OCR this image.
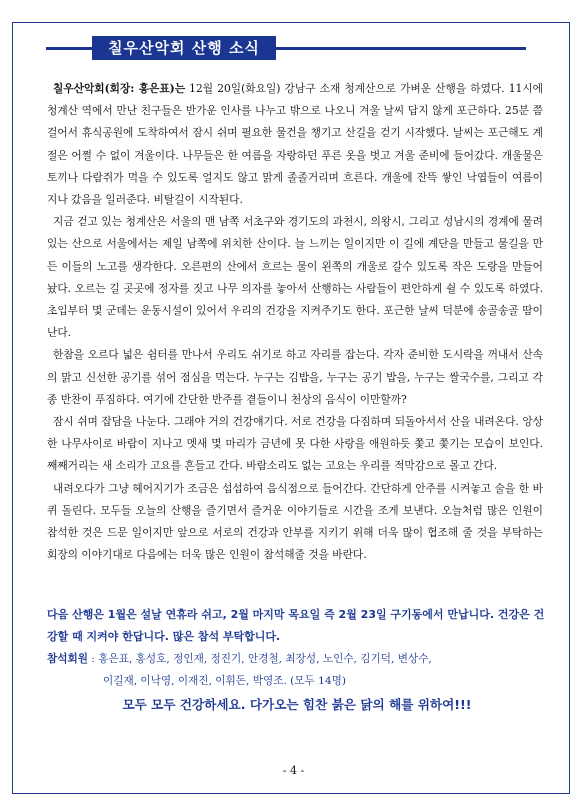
칠우산악회 산행 소식

칠우산악회(회장: 홍은표)는 12월 20일(화요일) 강남구 소재 청계산으로 가벼운 산행을 하였다. 11시에 청계산 역에서 만난 친구들은 반가운 인사를 나누고 밖으로 나오니 겨울 날씨 답지 않게 포근하다. 25분 쯤 걸어서 휴식공원에 도착하여서 잠시 쉬며 필요한 물건을 챙기고 산길을 걷기 시작했다. 날씨는 포근해도 계절은 어쩔 수 없이 겨울이다. 나무들은 한 여름을 자랑하던 푸른 옷을 벗고 겨울 준비에 들어갔다. 개울물은 토끼나 다람쥐가 먹을 수 있도록 얼지도 않고 맑게 졸졸거리며 흐른다. 개울에 잔뜩 쌓인 낙엽들이 여름이 지나 갔음을 일러준다. 비탈길이 시작된다.

지금 걷고 있는 청계산은 서울의 맨 남쪽 서초구와 경기도의 과천시, 의왕시, 그리고 성남시의 경계에 물려 있는 산으로 서울에서는 제일 남쪽에 위치한 산이다. 늘 느끼는 일이지만 이 길에 계단을 만들고 물길을 만든 이들의 노고를 생각한다. 오른편의 산에서 흐르는 물이 왼쪽의 개울로 갈수 있도록 작은 도랑을 만들어 놨다. 오르는 길 곳곳에 정자를 짓고 나무 의자를 놓아서 산행하는 사람들이 편안하게 쉴 수 있도록 하였다. 초입부터 몇 군데는 운동시설이 있어서 우리의 건강을 지켜주기도 한다. 포근한 날씨 덕분에 송골송골 땀이 난다.

한참을 오르다 넓은 쉼터를 만나서 우리도 쉬기로 하고 자리를 잡는다. 각자 준비한 도시락을 꺼내서 산속의 맑고 신선한 공기를 섞어 점심을 먹는다. 누구는 김밥을, 누구는 공기 밥을, 누구는 쌀국수를, 그리고 각종 반찬이 푸짐하다. 여기에 간단한 반주를 곁들이니 천상의 음식이 이만할까?

잠시 쉬며 잡담을 나눈다. 그래야 거의 건강얘기다. 서로 건강을 다짐하며 되돌아서서 산을 내려온다. 앙상한 나무사이로 바람이 지나고 멧새 몇 마리가 금년에 못 다한 사랑을 애원하듯 쫓고 쫓기는 모습이 보인다. 째째거리는 새 소리가 고요를 흔들고 간다. 바람소리도 없는 고요는 우리를 적막감으로 몰고 간다.

내려오다가 그냥 헤어지기가 조금은 섭섭하여 음식점으로 들어간다. 간단하게 안주를 시켜놓고 술을 한 바퀴 돌린다. 모두들 오늘의 산행을 즐기면서 즐거운 이야기들로 시간을 조게 보낸다. 오늘처럼 많은 인원이 참석한 것은 드문 일이지만 앞으로 서로의 건강과 안부를 지키기 위해 더욱 많이 협조해 줄 것을 부탁하는 회장의 이야기대로 다음에는 더욱 많은 인원이 참석해줄 것을 바란다.

다음 산행은 1월은 설날 연휴라 쉬고, 2월 마지막 목요일 즉 2월 23일 구기동에서 만납니다. 건강은 건강할 때 지켜야 한답니다. 많은 참석 부탁합니다.
참석회원 : 홍은표, 홍성호, 정인재, 정진기, 안경철, 최장성, 노인수, 김기덕, 변상수,
이길재, 이낙영, 이재진, 이휘돈, 박영조. (모두 14명)
모두 모두 건강하세요. 다가오는 힘찬 붉은 닭의 해를 위하여!!!
- 4 -
